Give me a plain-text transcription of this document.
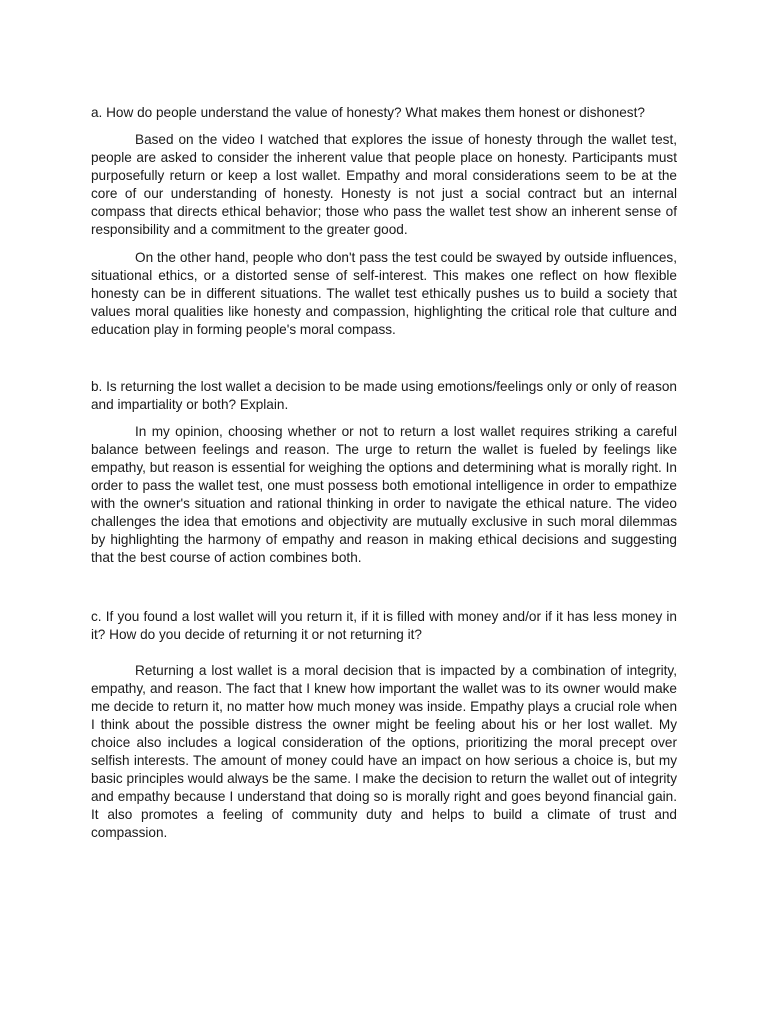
a. How do people understand the value of honesty? What makes them honest or dishonest?

Based on the video I watched that explores the issue of honesty through the wallet test, people are asked to consider the inherent value that people place on honesty. Participants must purposefully return or keep a lost wallet. Empathy and moral considerations seem to be at the core of our understanding of honesty. Honesty is not just a social contract but an internal compass that directs ethical behavior; those who pass the wallet test show an inherent sense of responsibility and a commitment to the greater good.

On the other hand, people who don't pass the test could be swayed by outside influences, situational ethics, or a distorted sense of self-interest. This makes one reflect on how flexible honesty can be in different situations. The wallet test ethically pushes us to build a society that values moral qualities like honesty and compassion, highlighting the critical role that culture and education play in forming people's moral compass.

b. Is returning the lost wallet a decision to be made using emotions/feelings only or only of reason and impartiality or both? Explain.

In my opinion, choosing whether or not to return a lost wallet requires striking a careful balance between feelings and reason. The urge to return the wallet is fueled by feelings like empathy, but reason is essential for weighing the options and determining what is morally right. In order to pass the wallet test, one must possess both emotional intelligence in order to empathize with the owner's situation and rational thinking in order to navigate the ethical nature. The video challenges the idea that emotions and objectivity are mutually exclusive in such moral dilemmas by highlighting the harmony of empathy and reason in making ethical decisions and suggesting that the best course of action combines both.

c. If you found a lost wallet will you return it, if it is filled with money and/or if it has less money in it? How do you decide of returning it or not returning it?

Returning a lost wallet is a moral decision that is impacted by a combination of integrity, empathy, and reason. The fact that I knew how important the wallet was to its owner would make me decide to return it, no matter how much money was inside. Empathy plays a crucial role when I think about the possible distress the owner might be feeling about his or her lost wallet. My choice also includes a logical consideration of the options, prioritizing the moral precept over selfish interests. The amount of money could have an impact on how serious a choice is, but my basic principles would always be the same. I make the decision to return the wallet out of integrity and empathy because I understand that doing so is morally right and goes beyond financial gain. It also promotes a feeling of community duty and helps to build a climate of trust and compassion.
